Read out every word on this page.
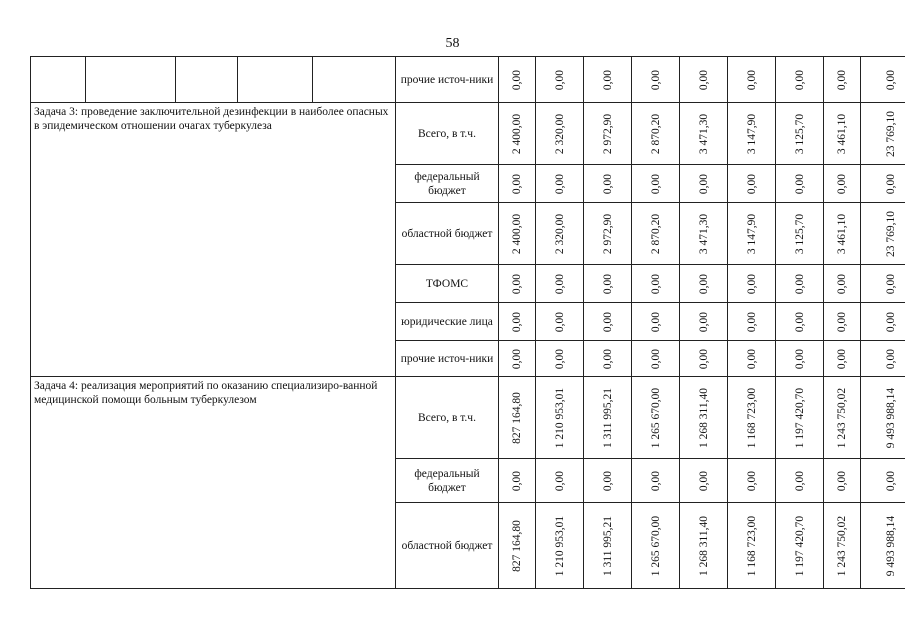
58
					прочие источ-ники	0,00	0,00	0,00	0,00	0,00	0,00	0,00	0,00	0,00

Задача 3: проведение заключительной дезинфекции в наиболее опасных в эпидемическом отношении очагах туберкулеза					Всего, в т.ч.	2 400,00	2 320,00	2 972,90	2 870,20	3 471,30	3 147,90	3 125,70	3 461,10	23 769,10

					федеральный бюджет	0,00	0,00	0,00	0,00	0,00	0,00	0,00	0,00	0,00

					областной бюджет	2 400,00	2 320,00	2 972,90	2 870,20	3 471,30	3 147,90	3 125,70	3 461,10	23 769,10

					ТФОМС	0,00	0,00	0,00	0,00	0,00	0,00	0,00	0,00	0,00

					юридические лица	0,00	0,00	0,00	0,00	0,00	0,00	0,00	0,00	0,00

					прочие источ-ники	0,00	0,00	0,00	0,00	0,00	0,00	0,00	0,00	0,00

Задача 4: реализация мероприятий по оказанию специализиро-ванной медицинской помощи больным туберкулезом					Всего, в т.ч.	827 164,80	1 210 953,01	1 311 995,21	1 265 670,00	1 268 311,40	1 168 723,00	1 197 420,70	1 243 750,02	9 493 988,14

					федеральный бюджет	0,00	0,00	0,00	0,00	0,00	0,00	0,00	0,00	0,00

					областной бюджет	827 164,80	1 210 953,01	1 311 995,21	1 265 670,00	1 268 311,40	1 168 723,00	1 197 420,70	1 243 750,02	9 493 988,14
